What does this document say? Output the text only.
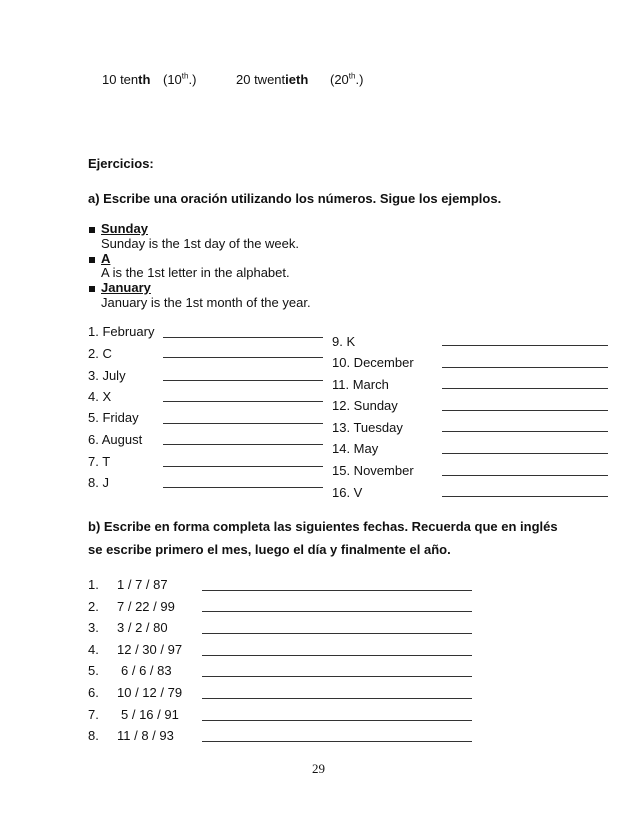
10 tenth (10th.)	20 twentieth (20th.)
Ejercicios:
a) Escribe una oración utilizando los números. Sigue los ejemplos.
Sunday
Sunday is the 1st day of the week.
A
A is the 1st letter in the alphabet.
January
January is the 1st month of the year.
1. February
2. C
3. July
4. X
5. Friday
6. August
7. T
8. J
9. K
10. December
11. March
12. Sunday
13. Tuesday
14. May
15. November
16. V
b) Escribe en forma completa las siguientes fechas. Recuerda que en inglés
se escribe primero el mes, luego el día y finalmente el año.
1. 1 / 7 / 87
2. 7 / 22 / 99
3. 3 / 2 / 80
4. 12 / 30 / 97
5. 6 / 6 / 83
6. 10 / 12 / 79
7. 5 / 16 / 91
8. 11 / 8 / 93
29
